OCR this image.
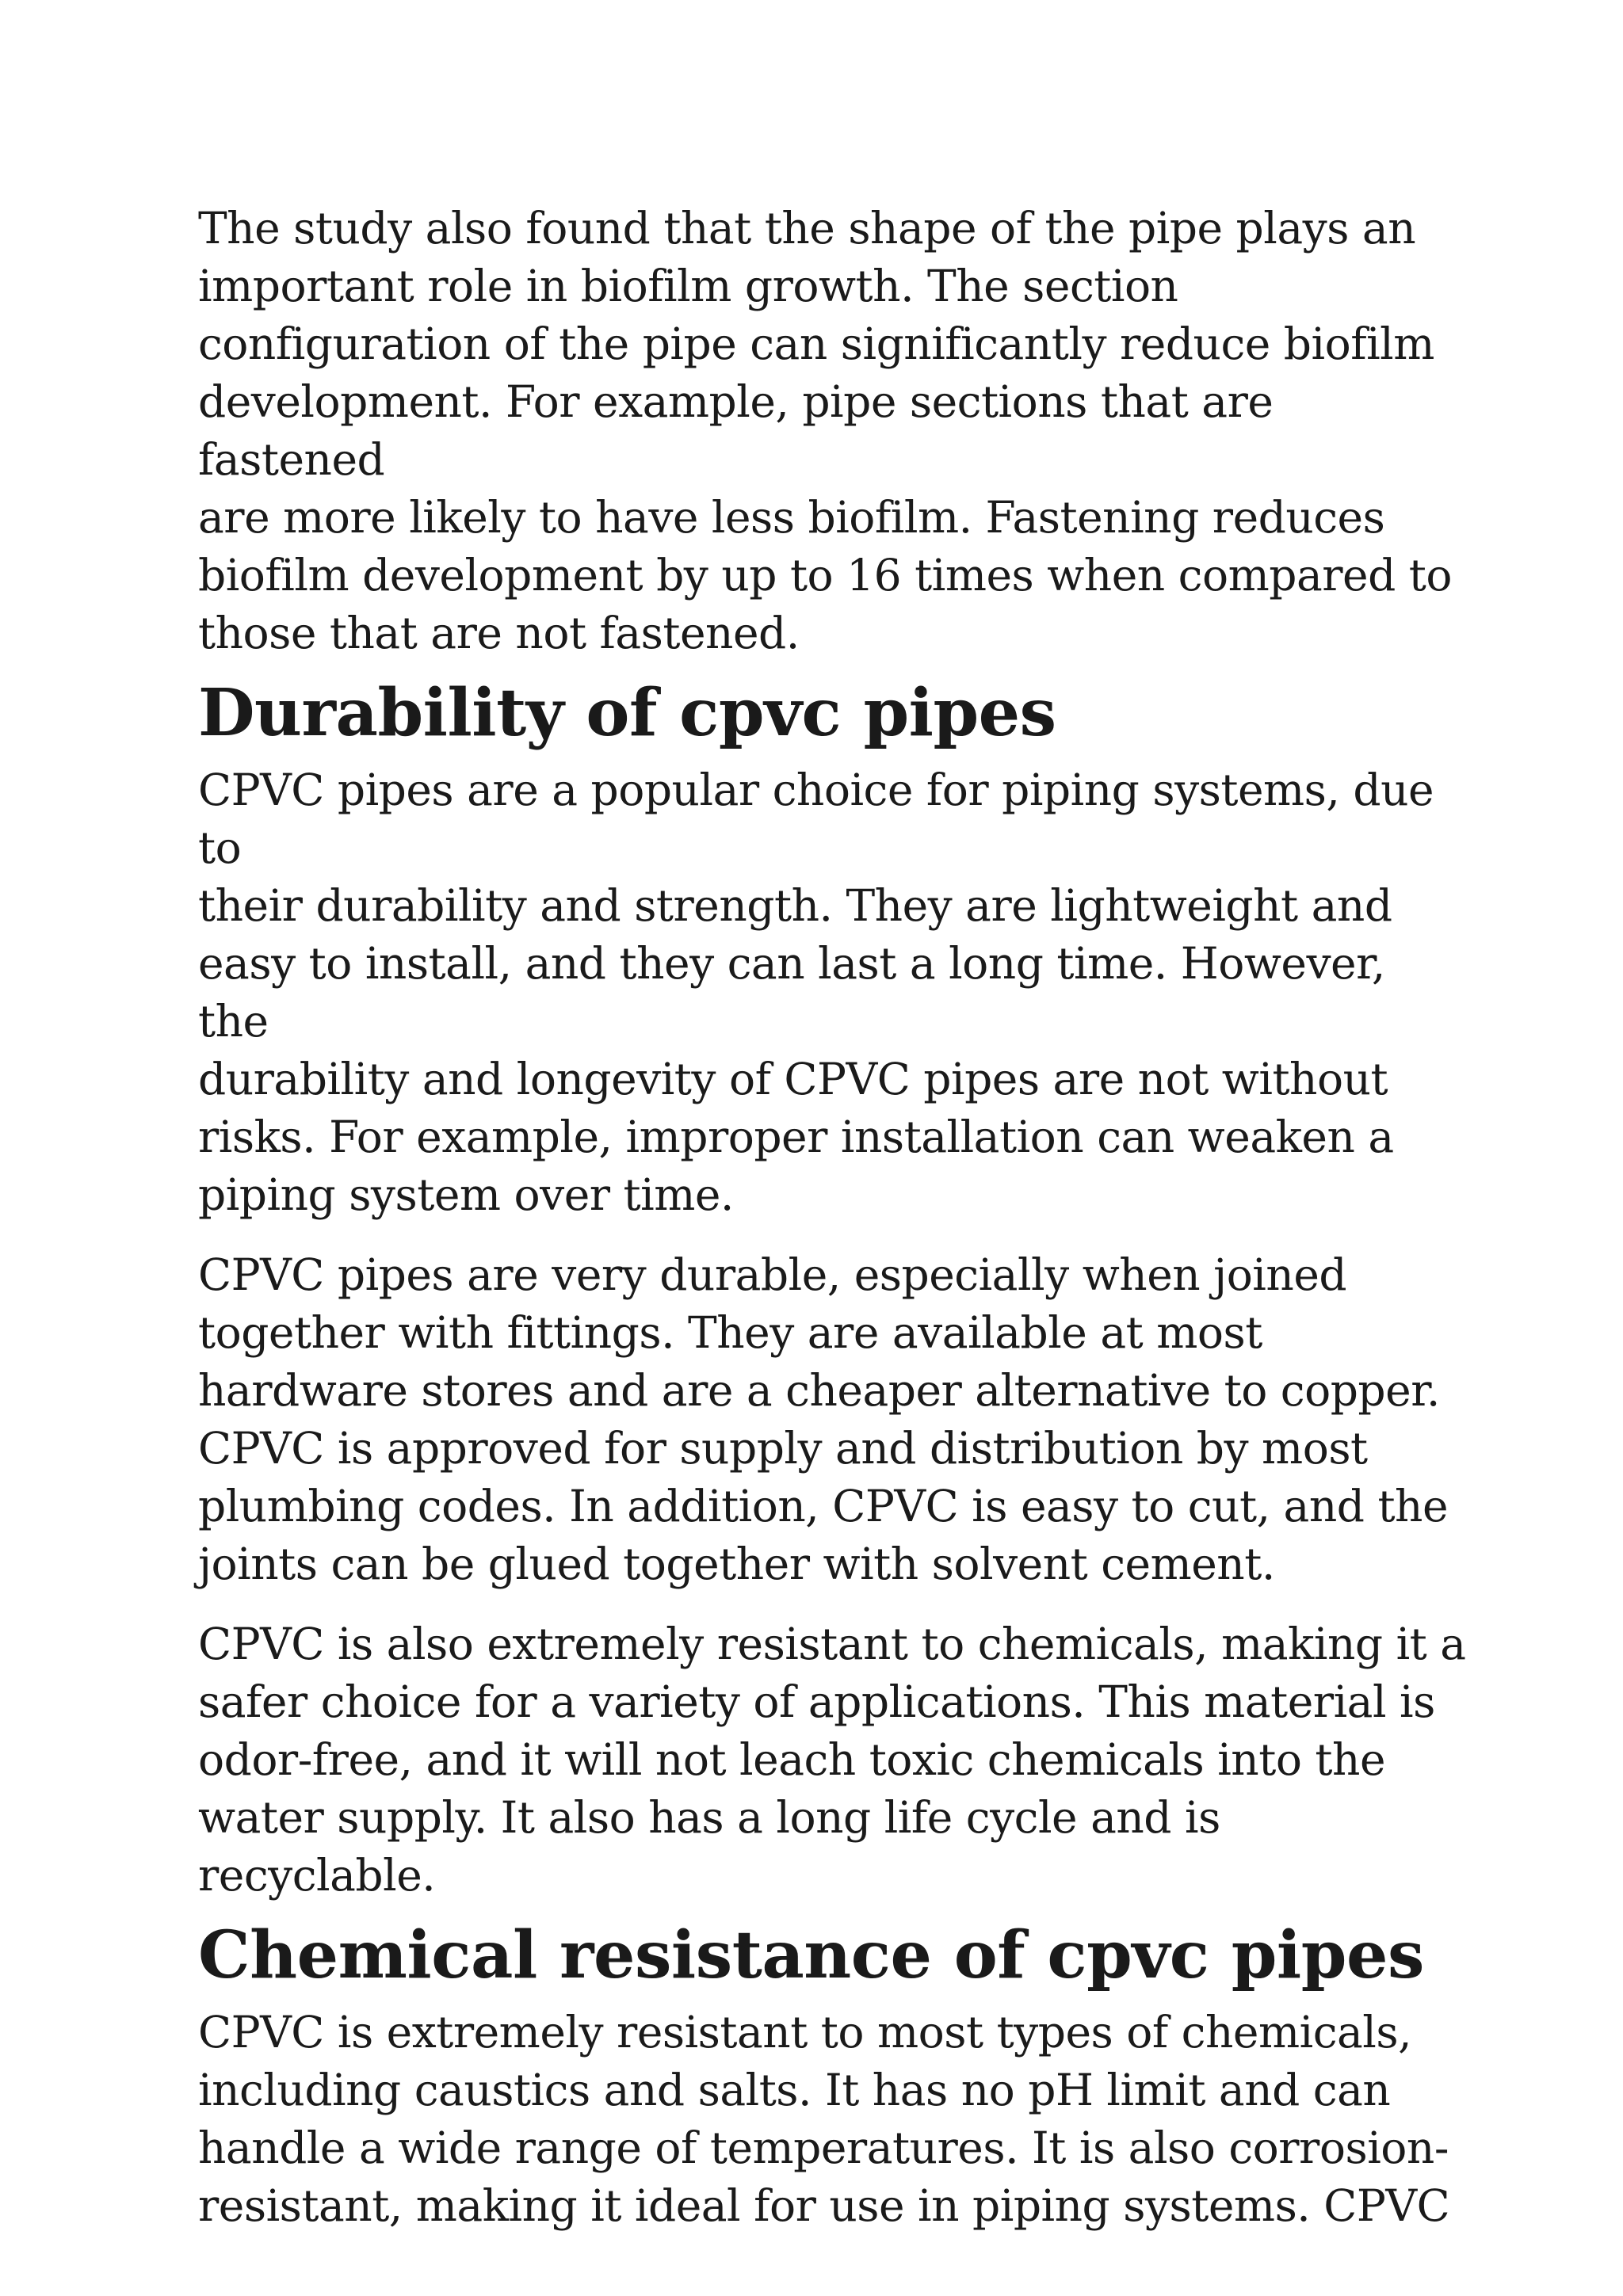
The study also found that the shape of the pipe plays an
important role in biofilm growth. The section
configuration of the pipe can significantly reduce biofilm
development. For example, pipe sections that are fastened
are more likely to have less biofilm. Fastening reduces
biofilm development by up to 16 times when compared to
those that are not fastened.

Durability of cpvc pipes

CPVC pipes are a popular choice for piping systems, due to
their durability and strength. They are lightweight and
easy to install, and they can last a long time. However, the
durability and longevity of CPVC pipes are not without
risks. For example, improper installation can weaken a
piping system over time.

CPVC pipes are very durable, especially when joined
together with fittings. They are available at most
hardware stores and are a cheaper alternative to copper.
CPVC is approved for supply and distribution by most
plumbing codes. In addition, CPVC is easy to cut, and the
joints can be glued together with solvent cement.

CPVC is also extremely resistant to chemicals, making it a
safer choice for a variety of applications. This material is
odor-free, and it will not leach toxic chemicals into the
water supply. It also has a long life cycle and is recyclable.

Chemical resistance of cpvc pipes

CPVC is extremely resistant to most types of chemicals,
including caustics and salts. It has no pH limit and can
handle a wide range of temperatures. It is also corrosion-
resistant, making it ideal for use in piping systems. CPVC
